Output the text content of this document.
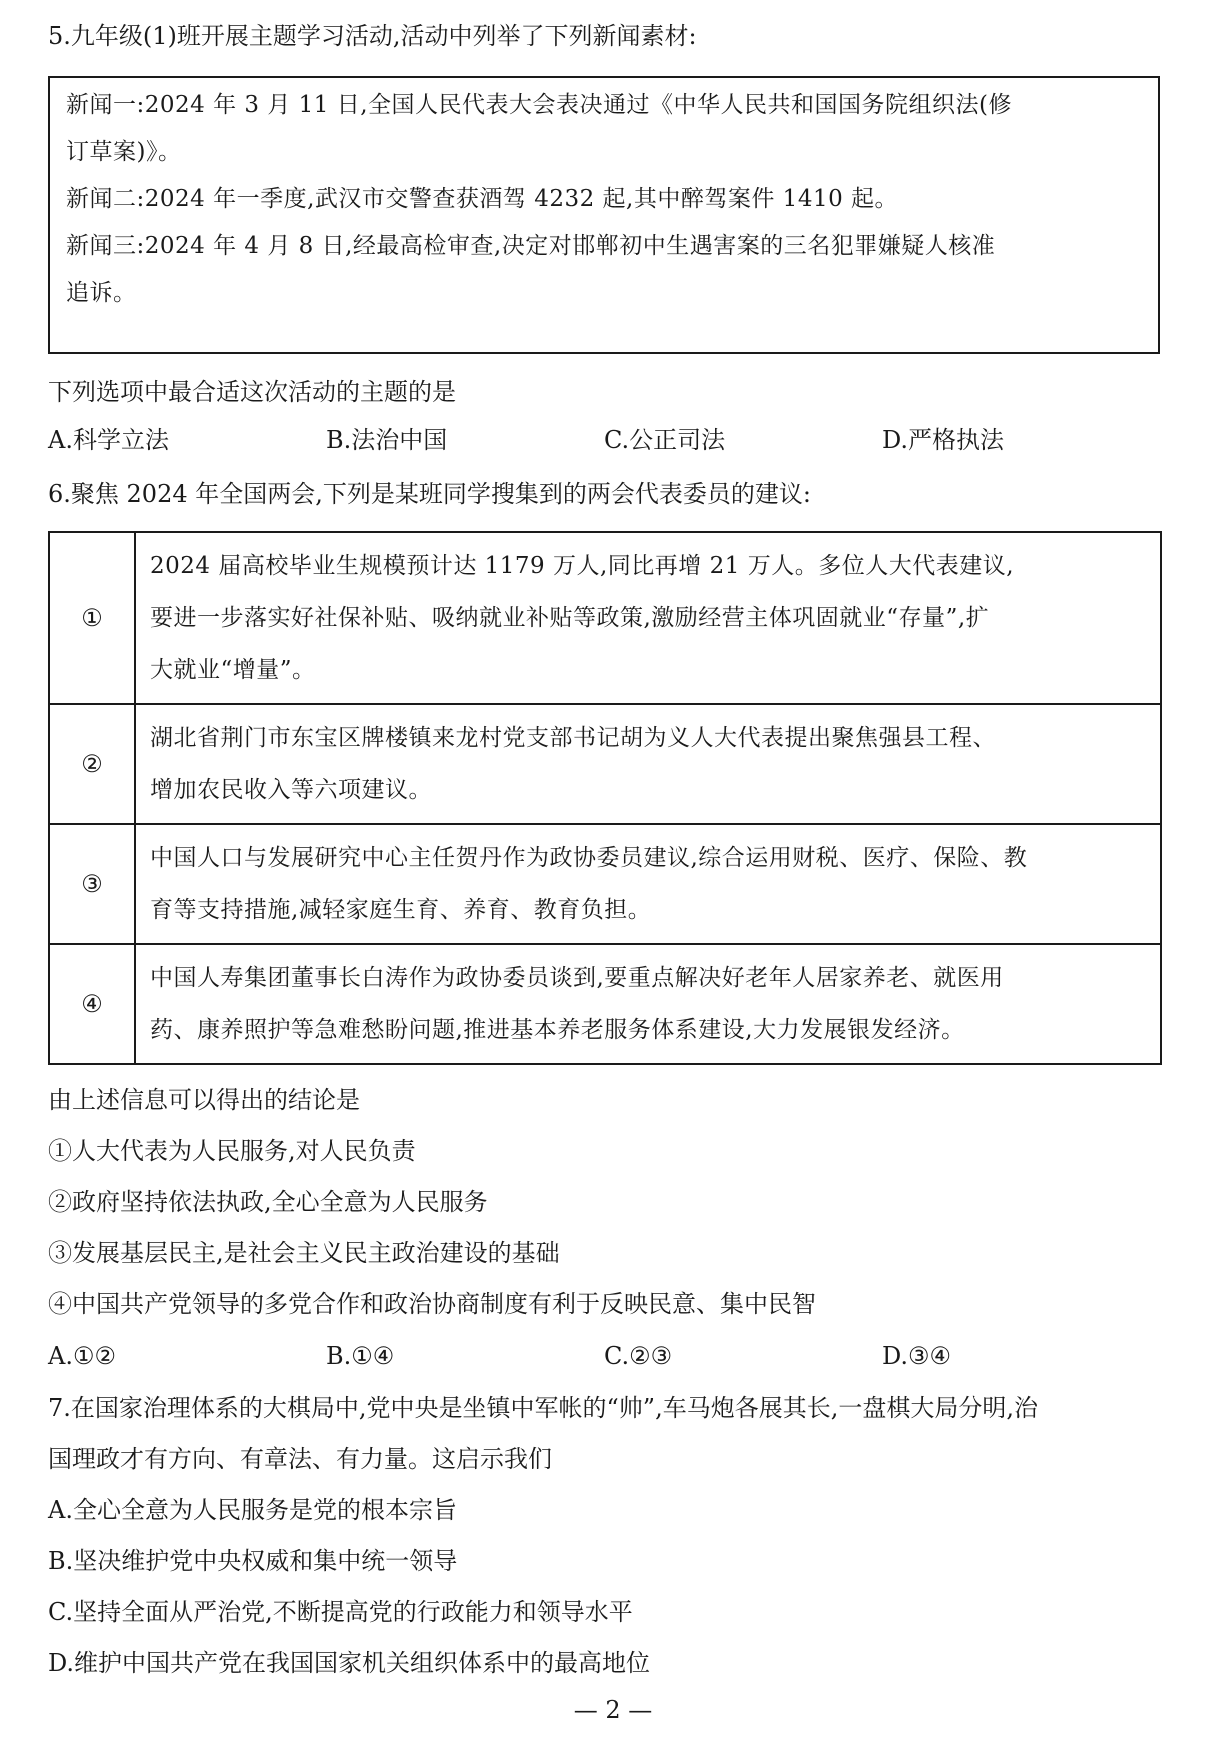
5.九年级(1)班开展主题学习活动,活动中列举了下列新闻素材:
新闻一:2024 年 3 月 11 日,全国人民代表大会表决通过《中华人民共和国国务院组织法(修
订草案)》。
新闻二:2024 年一季度,武汉市交警查获酒驾 4232 起,其中醉驾案件 1410 起。
新闻三:2024 年 4 月 8 日,经最高检审查,决定对邯郸初中生遇害案的三名犯罪嫌疑人核准
追诉。
下列选项中最合适这次活动的主题的是
A.科学立法	B.法治中国	C.公正司法	D.严格执法
6.聚焦 2024 年全国两会,下列是某班同学搜集到的两会代表委员的建议:
①	2024 届高校毕业生规模预计达 1179 万人,同比再增 21 万人。多位人大代表建议,
要进一步落实好社保补贴、吸纳就业补贴等政策,激励经营主体巩固就业“存量”,扩
大就业“增量”。

②	湖北省荆门市东宝区牌楼镇来龙村党支部书记胡为义人大代表提出聚焦强县工程、
增加农民收入等六项建议。

③	中国人口与发展研究中心主任贺丹作为政协委员建议,综合运用财税、医疗、保险、教
育等支持措施,减轻家庭生育、养育、教育负担。

④	中国人寿集团董事长白涛作为政协委员谈到,要重点解决好老年人居家养老、就医用
药、康养照护等急难愁盼问题,推进基本养老服务体系建设,大力发展银发经济。
由上述信息可以得出的结论是
①人大代表为人民服务,对人民负责
②政府坚持依法执政,全心全意为人民服务
③发展基层民主,是社会主义民主政治建设的基础
④中国共产党领导的多党合作和政治协商制度有利于反映民意、集中民智
A.①②	B.①④	C.②③	D.③④
7.在国家治理体系的大棋局中,党中央是坐镇中军帐的“帅”,车马炮各展其长,一盘棋大局分明,治
国理政才有方向、有章法、有力量。这启示我们
A.全心全意为人民服务是党的根本宗旨
B.坚决维护党中央权威和集中统一领导
C.坚持全面从严治党,不断提高党的行政能力和领导水平
D.维护中国共产党在我国国家机关组织体系中的最高地位
— 2 —
